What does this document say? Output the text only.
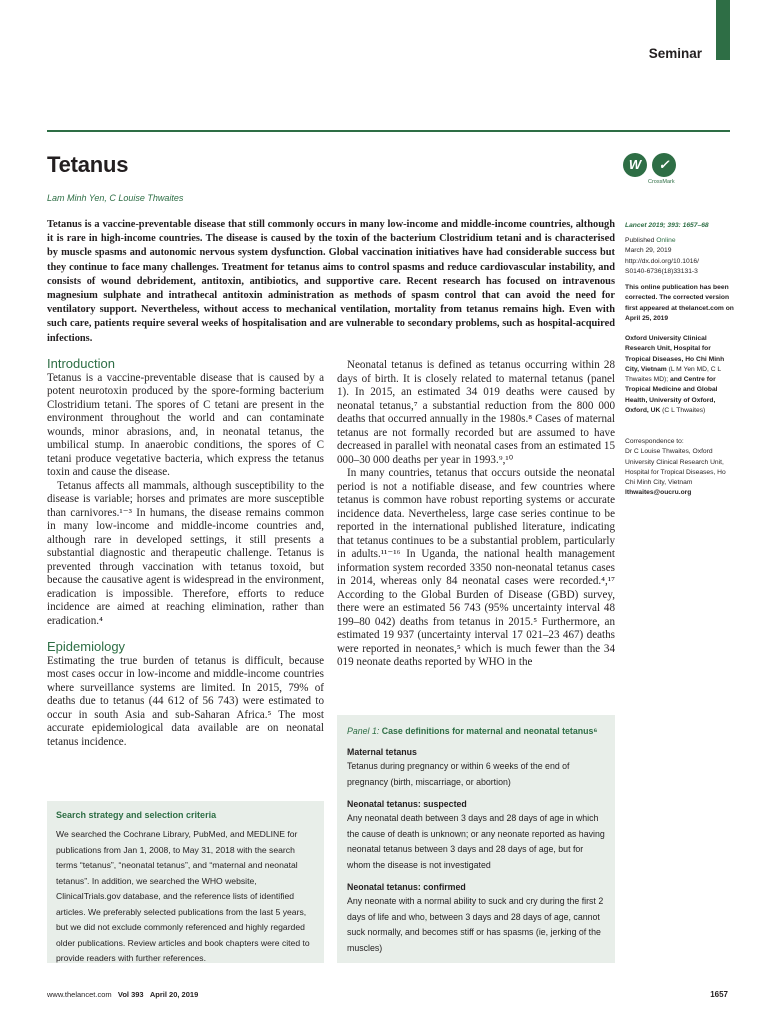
Seminar
Tetanus
Lam Minh Yen, C Louise Thwaites
W	✓
CrossMark
Tetanus is a vaccine-preventable disease that still commonly occurs in many low-income and middle-income countries, although it is rare in high-income countries. The disease is caused by the toxin of the bacterium Clostridium tetani and is characterised by muscle spasms and autonomic nervous system dysfunction. Global vaccination initiatives have had considerable success but they continue to face many challenges. Treatment for tetanus aims to control spasms and reduce cardiovascular instability, and consists of wound debridement, antitoxin, antibiotics, and supportive care. Recent research has focused on intravenous magnesium sulphate and intrathecal antitoxin administration as methods of spasm control that can avoid the need for ventilatory support. Nevertheless, without access to mechanical ventilation, mortality from tetanus remains high. Even with such care, patients require several weeks of hospitalisation and are vulnerable to secondary problems, such as hospital-acquired infections.
Lancet 2019; 393: 1657–68
Published Online
March 29, 2019
http://dx.doi.org/10.1016/
S0140-6736(18)33131-3
This online publication has been corrected. The corrected version first appeared at thelancet.com on April 25, 2019
Oxford University Clinical Research Unit, Hospital for Tropical Diseases, Ho Chi Minh City, Vietnam (L M Yen MD, C L Thwaites MD); and Centre for Tropical Medicine and Global Health, University of Oxford, Oxford, UK (C L Thwaites)
Correspondence to:
Dr C Louise Thwaites, Oxford University Clinical Research Unit, Hospital for Tropical Diseases, Ho Chi Minh City, Vietnam
lthwaites@oucru.org
Introduction

Tetanus is a vaccine-preventable disease that is caused by a potent neurotoxin produced by the spore-forming bacterium Clostridium tetani. The spores of C tetani are present in the environment throughout the world and can contaminate wounds, minor abrasions, and, in neonatal tetanus, the umbilical stump. In anaerobic conditions, the spores of C tetani produce vegetative bacteria, which express the tetanus toxin and cause the disease.

Tetanus affects all mammals, although susceptibility to the disease is variable; horses and primates are more susceptible than carnivores.¹⁻³ In humans, the disease remains common in many low-income and middle-income countries and, although rare in developed settings, it still presents a substantial diagnostic and therapeutic challenge. Tetanus is prevented through vaccination with tetanus toxoid, but because the causative agent is widespread in the environment, eradication is impossible. Therefore, efforts to reduce incidence are aimed at reaching elimination, rather than eradication.⁴

Epidemiology

Estimating the true burden of tetanus is difficult, because most cases occur in low-income and middle-income countries where surveillance systems are limited. In 2015, 79% of deaths due to tetanus (44 612 of 56 743) were estimated to occur in south Asia and sub-Saharan Africa.⁵ The most accurate epidemiological data available are on neonatal tetanus incidence.

Search strategy and selection criteria
We searched the Cochrane Library, PubMed, and MEDLINE for publications from Jan 1, 2008, to May 31, 2018 with the search terms “tetanus”, “neonatal tetanus”, and “maternal and neonatal tetanus”. In addition, we searched the WHO website, ClinicalTrials.gov database, and the reference lists of identified articles. We preferably selected publications from the last 5 years, but we did not exclude commonly referenced and highly regarded older publications. Review articles and book chapters were cited to provide readers with further references.

Neonatal tetanus is defined as tetanus occurring within 28 days of birth. It is closely related to maternal tetanus (panel 1). In 2015, an estimated 34 019 deaths were caused by neonatal tetanus,⁷ a substantial reduction from the 800 000 deaths that occurred annually in the 1980s.⁸ Cases of maternal tetanus are not formally recorded but are assumed to have decreased in parallel with neonatal cases from an estimated 15 000–30 000 deaths per year in 1993.⁹,¹⁰

In many countries, tetanus that occurs outside the neonatal period is not a notifiable disease, and few countries where tetanus is common have robust reporting systems or accurate incidence data. Nevertheless, large case series continue to be reported in the international published literature, indicating that tetanus continues to be a substantial problem, particularly in adults.¹¹⁻¹⁶ In Uganda, the national health management information system recorded 3350 non-neonatal tetanus cases in 2014, whereas only 84 neonatal cases were recorded.⁴,¹⁷ According to the Global Burden of Disease (GBD) survey, there were an estimated 56 743 (95% uncertainty interval 48 199–80 042) deaths from tetanus in 2015.⁵ Furthermore, an estimated 19 937 (uncertainty interval 17 021–23 467) deaths were reported in neonates,⁵ which is much fewer than the 34 019 neonate deaths reported by WHO in the

Panel 1: Case definitions for maternal and neonatal tetanus⁶
Maternal tetanus
Tetanus during pregnancy or within 6 weeks of the end of pregnancy (birth, miscarriage, or abortion)
Neonatal tetanus: suspected
Any neonatal death between 3 days and 28 days of age in which the cause of death is unknown; or any neonate reported as having neonatal tetanus between 3 days and 28 days of age, but for whom the disease is not investigated
Neonatal tetanus: confirmed
Any neonate with a normal ability to suck and cry during the first 2 days of life and who, between 3 days and 28 days of age, cannot suck normally, and becomes stiff or has spasms (ie, jerking of the muscles)
www.thelancet.com Vol 393 April 20, 2019	1657
